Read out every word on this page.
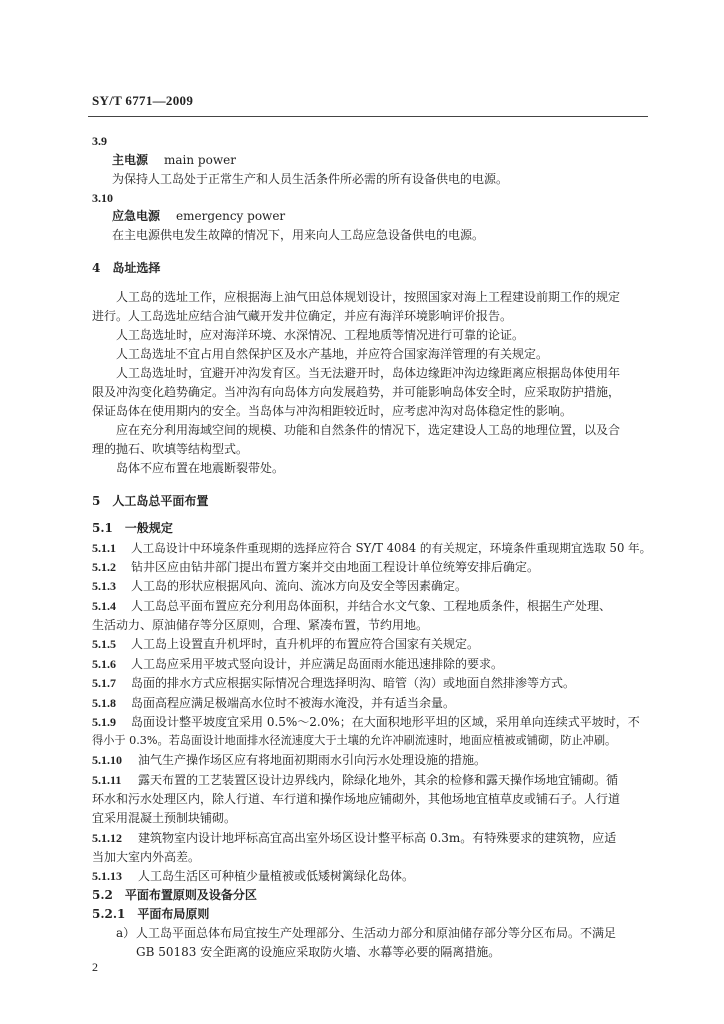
SY/T 6771—2009
3.9
主电源 main power
为保持人工岛处于正常生产和人员生活条件所必需的所有设备供电的电源。
3.10
应急电源 emergency power
在主电源供电发生故障的情况下，用来向人工岛应急设备供电的电源。
4　岛址选择
人工岛的选址工作，应根据海上油气田总体规划设计，按照国家对海上工程建设前期工作的规定
进行。人工岛选址应结合油气藏开发井位确定，并应有海洋环境影响评价报告。
人工岛选址时，应对海洋环境、水深情况、工程地质等情况进行可靠的论证。
人工岛选址不宜占用自然保护区及水产基地，并应符合国家海洋管理的有关规定。
人工岛选址时，宜避开冲沟发育区。当无法避开时，岛体边缘距冲沟边缘距离应根据岛体使用年
限及冲沟变化趋势确定。当冲沟有向岛体方向发展趋势，并可能影响岛体安全时，应采取防护措施，
保证岛体在使用期内的安全。当岛体与冲沟相距较近时，应考虑冲沟对岛体稳定性的影响。
应在充分利用海域空间的规模、功能和自然条件的情况下，选定建设人工岛的地理位置，以及合
理的抛石、吹填等结构型式。
岛体不应布置在地震断裂带处。
5　人工岛总平面布置
5.1　一般规定
5.1.1 人工岛设计中环境条件重现期的选择应符合 SY/T 4084 的有关规定，环境条件重现期宜选取 50 年。
5.1.2 钻井区应由钻井部门提出布置方案并交由地面工程设计单位统筹安排后确定。
5.1.3 人工岛的形状应根据风向、流向、流冰方向及安全等因素确定。
5.1.4 人工岛总平面布置应充分利用岛体面积，并结合水文气象、工程地质条件，根据生产处理、
生活动力、原油储存等分区原则，合理、紧凑布置，节约用地。
5.1.5 人工岛上设置直升机坪时，直升机坪的布置应符合国家有关规定。
5.1.6 人工岛应采用平坡式竖向设计，并应满足岛面雨水能迅速排除的要求。
5.1.7 岛面的排水方式应根据实际情况合理选择明沟、暗管（沟）或地面自然排渗等方式。
5.1.8 岛面高程应满足极端高水位时不被海水淹没，并有适当余量。
5.1.9 岛面设计整平坡度宜采用 0.5%～2.0%；在大面积地形平坦的区域，采用单向连续式平坡时，不
得小于 0.3%。若岛面设计地面排水径流速度大于土壤的允许冲刷流速时，地面应植被或铺砌，防止冲刷。
5.1.10 油气生产操作场区应有将地面初期雨水引向污水处理设施的措施。
5.1.11 露天布置的工艺装置区设计边界线内，除绿化地外，其余的检修和露天操作场地宜铺砌。循
环水和污水处理区内，除人行道、车行道和操作场地应铺砌外，其他场地宜植草皮或铺石子。人行道
宜采用混凝土预制块铺砌。
5.1.12 建筑物室内设计地坪标高宜高出室外场区设计整平标高 0.3m。有特殊要求的建筑物，应适
当加大室内外高差。
5.1.13 人工岛生活区可种植少量植被或低矮树篱绿化岛体。
5.2　平面布置原则及设备分区
5.2.1　平面布局原则
a） 人工岛平面总体布局宜按生产处理部分、生活动力部分和原油储存部分等分区布局。不满足
GB 50183 安全距离的设施应采取防火墙、水幕等必要的隔离措施。
2
